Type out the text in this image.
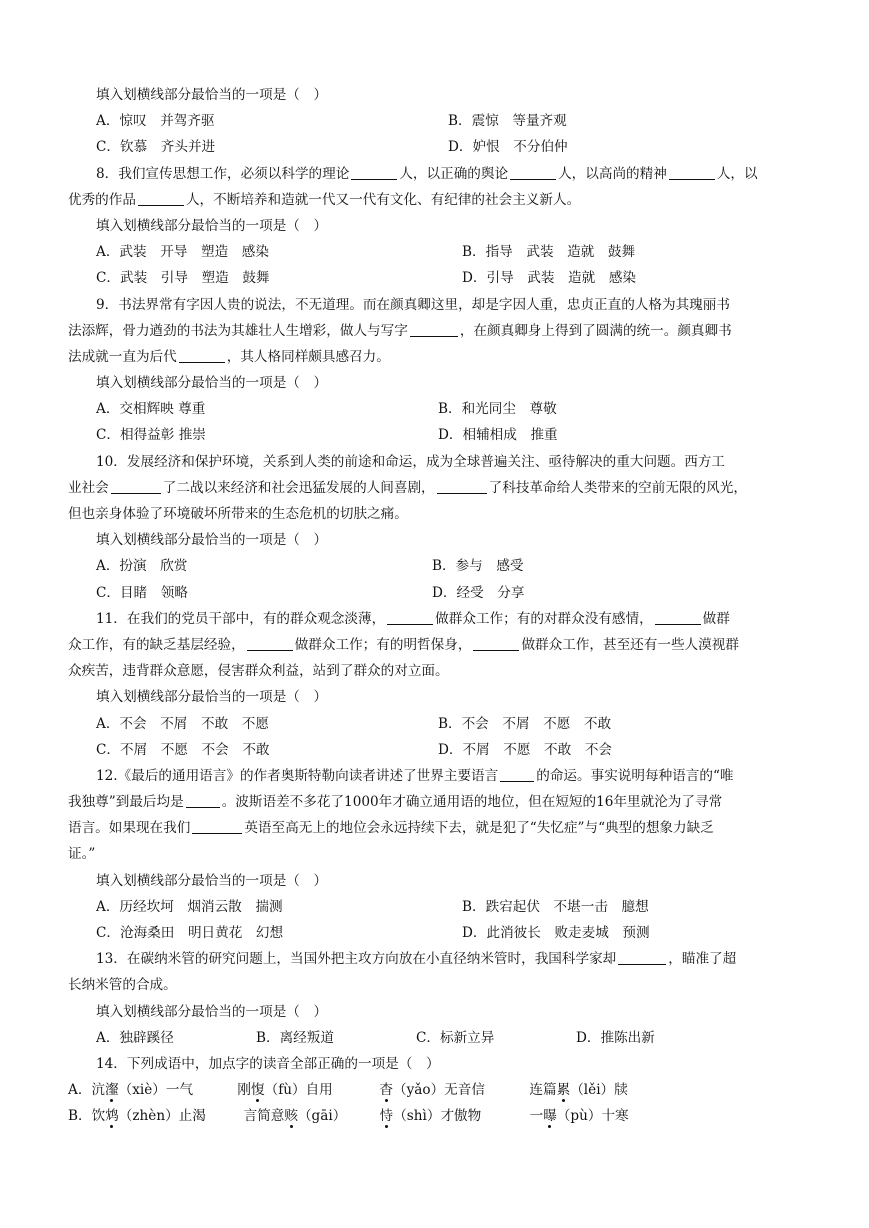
填入划横线部分最恰当的一项是（　）
A．惊叹　并驾齐驱	B．震惊　等量齐观
C．钦慕　齐头并进	D．妒恨　不分伯仲
8．我们宣传思想工作，必须以科学的理论	人，以正确的舆论	人，以高尚的精神	人，以
优秀的作品	人，不断培养和造就一代又一代有文化、有纪律的社会主义新人。
填入划横线部分最恰当的一项是（　）
A．武装　开导　塑造　感染	B．指导　武装　造就　鼓舞
C．武装　引导　塑造　鼓舞	D．引导　武装　造就　感染
9．书法界常有字因人贵的说法，不无道理。而在颜真卿这里，却是字因人重，忠贞正直的人格为其瑰丽书
法添辉，骨力遒劲的书法为其雄壮人生增彩，做人与写字	，在颜真卿身上得到了圆满的统一。颜真卿书
法成就一直为后代	，其人格同样颇具感召力。
填入划横线部分最恰当的一项是（　）
A．交相辉映 尊重	B．和光同尘　尊敬
C．相得益彰 推崇	D．相辅相成　推重
10．发展经济和保护环境，关系到人类的前途和命运，成为全球普遍关注、亟待解决的重大问题。西方工
业社会	了二战以来经济和社会迅猛发展的人间喜剧，	了科技革命给人类带来的空前无限的风光，
但也亲身体验了环境破坏所带来的生态危机的切肤之痛。
填入划横线部分最恰当的一项是（　）
A．扮演　欣赏	B．参与　感受
C．目睹　领略	D．经受　分享
11．在我们的党员干部中，有的群众观念淡薄，	做群众工作；有的对群众没有感情，	做群
众工作，有的缺乏基层经验，	做群众工作；有的明哲保身，	做群众工作，甚至还有一些人漠视群
众疾苦，违背群众意愿，侵害群众利益，站到了群众的对立面。
填入划横线部分最恰当的一项是（　）
A．不会　不屑　不敢　不愿	B．不会　不屑　不愿　不敢
C．不屑　不愿　不会　不敢	D．不屑　不愿　不敢　不会
12.《最后的通用语言》的作者奥斯特勒向读者讲述了世界主要语言	的命运。事实说明每种语言的“唯
我独尊”到最后均是	。波斯语差不多花了1000年才确立通用语的地位，但在短短的16年里就沦为了寻常
语言。如果现在我们	英语至高无上的地位会永远持续下去，就是犯了“失忆症”与“典型的想象力缺乏
证。”
填入划横线部分最恰当的一项是（　）
A．历经坎坷　烟消云散　揣测	B．跌宕起伏　不堪一击　臆想
C．沧海桑田　明日黄花　幻想	D．此消彼长　败走麦城　预测
13．在碳纳米管的研究问题上，当国外把主攻方向放在小直径纳米管时，我国科学家却	，瞄准了超
长纳米管的合成。
填入划横线部分最恰当的一项是（　）
A．独辟蹊径	B．离经叛道	C．标新立异	D．推陈出新
14．下列成语中，加点字的读音全部正确的一项是（　）
A． 沆瀣（xiè）一气	刚愎（fù）自用	杳（yǎo）无音信	连篇累（lěi）牍
B． 饮鸩（zhèn）止渴	言简意赅（gāi）	恃（shì）才傲物	一曝（pù）十寒
